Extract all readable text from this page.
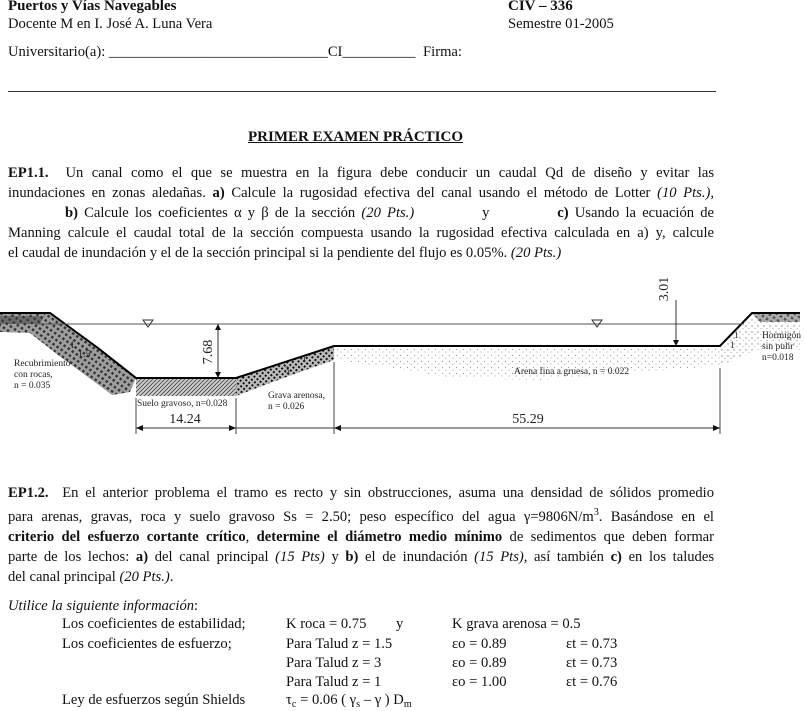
Puertos y Vías Navegables	CIV – 336
Docente M en I. José A. Luna Vera	Semestre 01-2005
Universitario(a): ______________________________CI__________ Firma:
PRIMER EXAMEN PRÁCTICO
EP1.1. Un canal como el que se muestra en la figura debe conducir un caudal Qd de diseño y evitar las
inundaciones en zonas aledañas. a) Calcule la rugosidad efectiva del canal usando el método de Lotter (10 Pts.),
b) Calcule los coeficientes α y β de la sección (20 Pts.)	y	c) Usando la ecuación de
Manning calcule el caudal total de la sección compuesta usando la rugosidad efectiva calculada en a) y, calcule
el caudal de inundación y el de la sección principal si la pendiente del flujo es 0.05%. (20 Pts.)
7.68
3.01
1
1.5	1
3
1
1
Recubrimiento
con rocas,
n = 0.035
Suelo gravoso, n=0.028
Grava arenosa,
n = 0.026
Arena fina a gruesa, n = 0.022
Hormigón
sin pulir
n=0.018
14.24	55.29
EP1.2. En el anterior problema el tramo es recto y sin obstrucciones, asuma una densidad de sólidos promedio
para arenas, gravas, roca y suelo gravoso Ss = 2.50; peso específico del agua $\gamma=9806N/m^3$. Basándose en el
criterio del esfuerzo cortante crítico, determine el diámetro medio mínimo de sedimentos que deben formar
parte de los lechos: a) del canal principal (15 Pts) y b) el de inundación (15 Pts), así también c) en los taludes
del canal principal (20 Pts.).
Utilice la siguiente información:
Los coeficientes de estabilidad;	K roca = 0.75 y	K grava arenosa = 0.5
Los coeficientes de esfuerzo;	Para Talud z = 1.5	εo = 0.89	εt = 0.73
Para Talud z = 3	εo = 0.89	εt = 0.73
Para Talud z = 1	εo = 1.00	εt = 0.76
Ley de esfuerzos según Shields	$\tau_c = 0.06$ ( $\gamma_s$ – γ ) $D_m$
